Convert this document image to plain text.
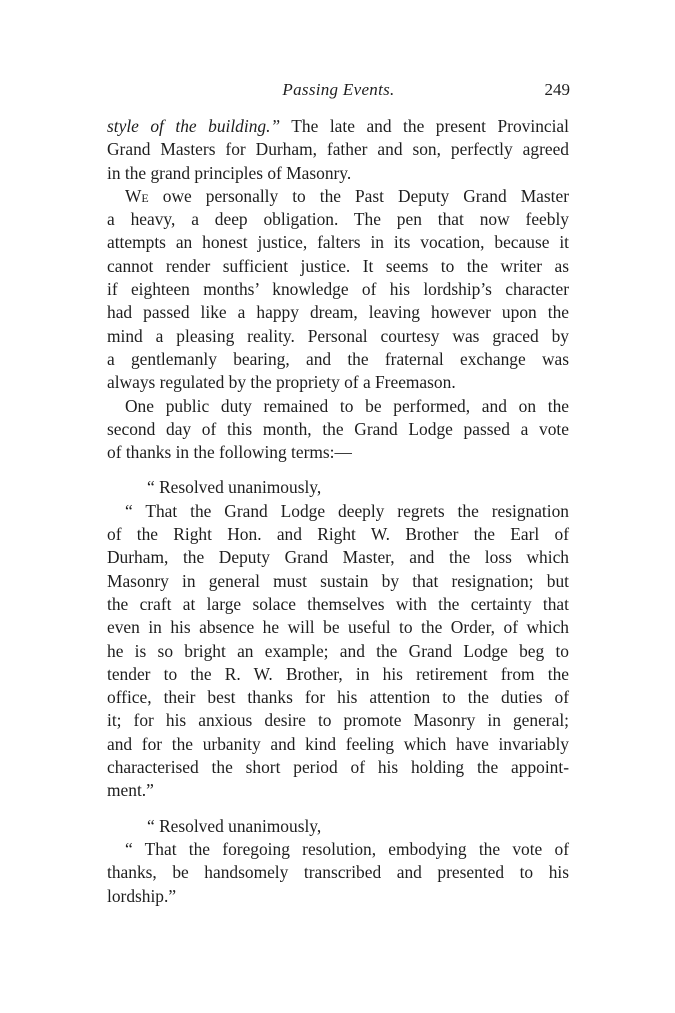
Passing Events.	249
style of the building.” The late and the present Provincial
Grand Masters for Durham, father and son, perfectly agreed
in the grand principles of Masonry.
We owe personally to the Past Deputy Grand Master
a heavy, a deep obligation. The pen that now feebly
attempts an honest justice, falters in its vocation, because it
cannot render sufficient justice. It seems to the writer as
if eighteen months’ knowledge of his lordship’s character
had passed like a happy dream, leaving however upon the
mind a pleasing reality. Personal courtesy was graced by
a gentlemanly bearing, and the fraternal exchange was
always regulated by the propriety of a Freemason.
One public duty remained to be performed, and on the
second day of this month, the Grand Lodge passed a vote
of thanks in the following terms:—
“ Resolved unanimously,
“ That the Grand Lodge deeply regrets the resignation
of the Right Hon. and Right W. Brother the Earl of
Durham, the Deputy Grand Master, and the loss which
Masonry in general must sustain by that resignation; but
the craft at large solace themselves with the certainty that
even in his absence he will be useful to the Order, of which
he is so bright an example; and the Grand Lodge beg to
tender to the R. W. Brother, in his retirement from the
office, their best thanks for his attention to the duties of
it; for his anxious desire to promote Masonry in general;
and for the urbanity and kind feeling which have invariably
characterised the short period of his holding the appoint-
ment.”
“ Resolved unanimously,
“ That the foregoing resolution, embodying the vote of
thanks, be handsomely transcribed and presented to his
lordship.”
